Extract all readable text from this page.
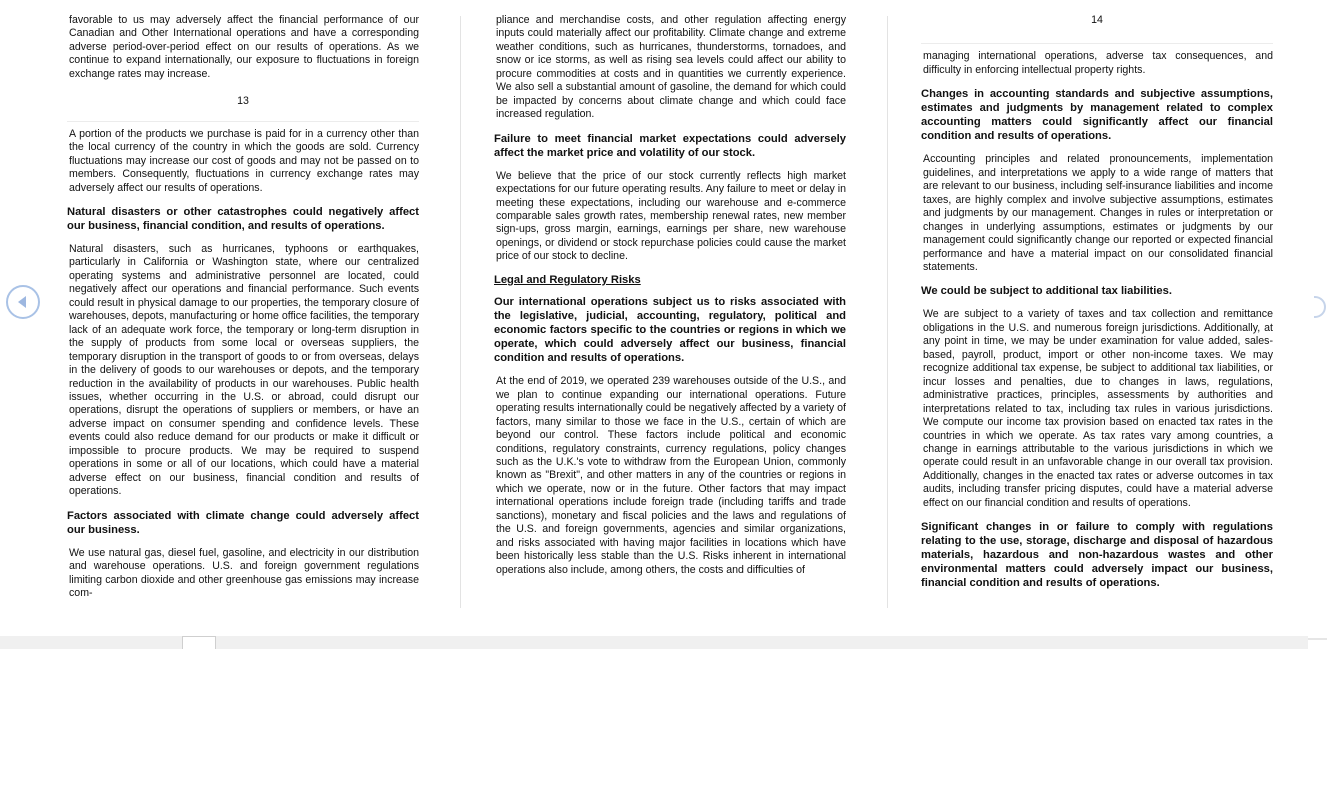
favorable to us may adversely affect the financial performance of our Canadian and Other International operations and have a corresponding adverse period-over-period effect on our results of operations. As we continue to expand internationally, our exposure to fluctuations in foreign exchange rates may increase.

13

A portion of the products we purchase is paid for in a currency other than the local currency of the country in which the goods are sold. Currency fluctuations may increase our cost of goods and may not be passed on to members. Consequently, fluctuations in currency exchange rates may adversely affect our results of operations.

Natural disasters or other catastrophes could negatively affect our business, financial condition, and results of operations.

Natural disasters, such as hurricanes, typhoons or earthquakes, particularly in California or Washington state, where our centralized operating systems and administrative personnel are located, could negatively affect our operations and financial performance. Such events could result in physical damage to our properties, the temporary closure of warehouses, depots, manufacturing or home office facilities, the temporary lack of an adequate work force, the temporary or long-term disruption in the supply of products from some local or overseas suppliers, the temporary disruption in the transport of goods to or from overseas, delays in the delivery of goods to our warehouses or depots, and the temporary reduction in the availability of products in our warehouses. Public health issues, whether occurring in the U.S. or abroad, could disrupt our operations, disrupt the operations of suppliers or members, or have an adverse impact on consumer spending and confidence levels. These events could also reduce demand for our products or make it difficult or impossible to procure products. We may be required to suspend operations in some or all of our locations, which could have a material adverse effect on our business, financial condition and results of operations.

Factors associated with climate change could adversely affect our business.

We use natural gas, diesel fuel, gasoline, and electricity in our distribution and warehouse operations. U.S. and foreign government regulations limiting carbon dioxide and other greenhouse gas emissions may increase com-

pliance and merchandise costs, and other regulation affecting energy inputs could materially affect our profitability. Climate change and extreme weather conditions, such as hurricanes, thunderstorms, tornadoes, and snow or ice storms, as well as rising sea levels could affect our ability to procure commodities at costs and in quantities we currently experience. We also sell a substantial amount of gasoline, the demand for which could be impacted by concerns about climate change and which could face increased regulation.

Failure to meet financial market expectations could adversely affect the market price and volatility of our stock.

We believe that the price of our stock currently reflects high market expectations for our future operating results. Any failure to meet or delay in meeting these expectations, including our warehouse and e-commerce comparable sales growth rates, membership renewal rates, new member sign-ups, gross margin, earnings, earnings per share, new warehouse openings, or dividend or stock repurchase policies could cause the market price of our stock to decline.

Legal and Regulatory Risks
Our international operations subject us to risks associated with the legislative, judicial, accounting, regulatory, political and economic factors specific to the countries or regions in which we operate, which could adversely affect our business, financial condition and results of operations.

At the end of 2019, we operated 239 warehouses outside of the U.S., and we plan to continue expanding our international operations. Future operating results internationally could be negatively affected by a variety of factors, many similar to those we face in the U.S., certain of which are beyond our control. These factors include political and economic conditions, regulatory constraints, currency regulations, policy changes such as the U.K.'s vote to withdraw from the European Union, commonly known as "Brexit", and other matters in any of the countries or regions in which we operate, now or in the future. Other factors that may impact international operations include foreign trade (including tariffs and trade sanctions), monetary and fiscal policies and the laws and regulations of the U.S. and foreign governments, agencies and similar organizations, and risks associated with having major facilities in locations which have been historically less stable than the U.S. Risks inherent in international operations also include, among others, the costs and difficulties of

14

managing international operations, adverse tax consequences, and difficulty in enforcing intellectual property rights.

Changes in accounting standards and subjective assumptions, estimates and judgments by management related to complex accounting matters could significantly affect our financial condition and results of operations.

Accounting principles and related pronouncements, implementation guidelines, and interpretations we apply to a wide range of matters that are relevant to our business, including self-insurance liabilities and income taxes, are highly complex and involve subjective assumptions, estimates and judgments by our management. Changes in rules or interpretation or changes in underlying assumptions, estimates or judgments by our management could significantly change our reported or expected financial performance and have a material impact on our consolidated financial statements.

We could be subject to additional tax liabilities.

We are subject to a variety of taxes and tax collection and remittance obligations in the U.S. and numerous foreign jurisdictions. Additionally, at any point in time, we may be under examination for value added, sales-based, payroll, product, import or other non-income taxes. We may recognize additional tax expense, be subject to additional tax liabilities, or incur losses and penalties, due to changes in laws, regulations, administrative practices, principles, assessments by authorities and interpretations related to tax, including tax rules in various jurisdictions. We compute our income tax provision based on enacted tax rates in the countries in which we operate. As tax rates vary among countries, a change in earnings attributable to the various jurisdictions in which we operate could result in an unfavorable change in our overall tax provision. Additionally, changes in the enacted tax rates or adverse outcomes in tax audits, including transfer pricing disputes, could have a material adverse effect on our financial condition and results of operations.

Significant changes in or failure to comply with regulations relating to the use, storage, discharge and disposal of hazardous materials, hazardous and non-hazardous wastes and other environmental matters could adversely impact our business, financial condition and results of operations.
